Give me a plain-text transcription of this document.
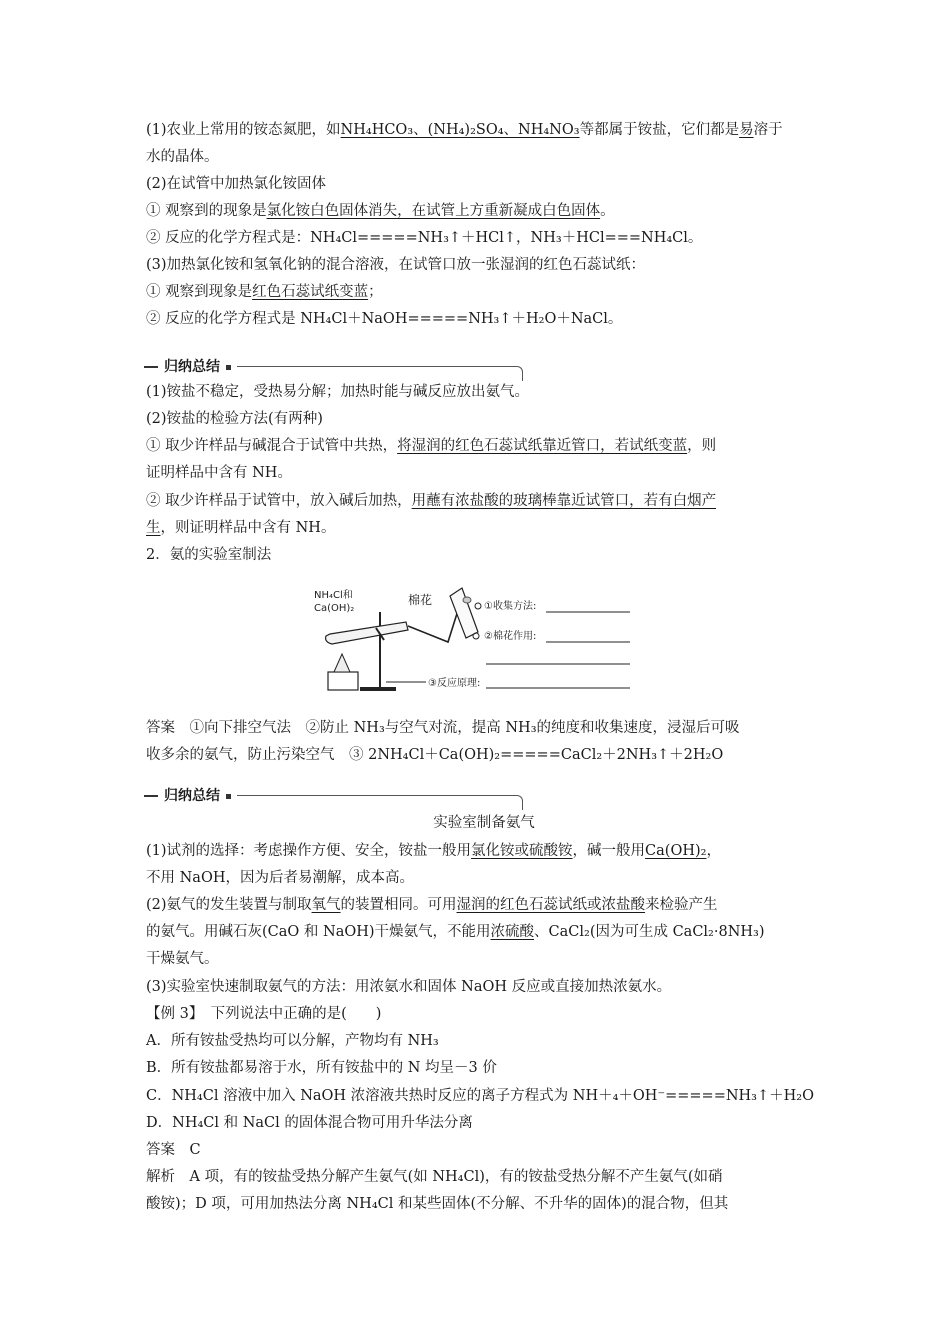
(1)农业上常用的铵态氮肥，如NH₄HCO₃、(NH₄)₂SO₄、NH₄NO₃等都属于铵盐，它们都是易溶于
水的晶体。
(2)在试管中加热氯化铵固体
① 观察到的现象是氯化铵白色固体消失，在试管上方重新凝成白色固体。
② 反应的化学方程式是：NH₄Cl=====NH₃↑＋HCl↑，NH₃＋HCl===NH₄Cl。
(3)加热氯化铵和氢氧化钠的混合溶液，在试管口放一张湿润的红色石蕊试纸：
① 观察到现象是红色石蕊试纸变蓝；
② 反应的化学方程式是 NH₄Cl＋NaOH=====NH₃↑＋H₂O＋NaCl。
归纳总结
(1)铵盐不稳定，受热易分解；加热时能与碱反应放出氨气。
(2)铵盐的检验方法(有两种)
① 取少许样品与碱混合于试管中共热，将湿润的红色石蕊试纸靠近管口，若试纸变蓝，则
证明样品中含有 NH。
② 取少许样品于试管中，放入碱后加热，用蘸有浓盐酸的玻璃棒靠近试管口，若有白烟产
生，则证明样品中含有 NH。
2．氨的实验室制法
NH₄Cl和
Ca(OH)₂
棉花	①收集方法:
②棉花作用:
③反应原理:
答案　①向下排空气法　②防止 NH₃与空气对流，提高 NH₃的纯度和收集速度，浸湿后可吸
收多余的氨气，防止污染空气　③ 2NH₄Cl＋Ca(OH)₂=====CaCl₂＋2NH₃↑＋2H₂O
归纳总结
实验室制备氨气
(1)试剂的选择：考虑操作方便、安全，铵盐一般用氯化铵或硫酸铵，碱一般用Ca(OH)₂，
不用 NaOH，因为后者易潮解，成本高。
(2)氨气的发生装置与制取氧气的装置相同。可用湿润的红色石蕊试纸或浓盐酸来检验产生
的氨气。用碱石灰(CaO 和 NaOH)干燥氨气，不能用浓硫酸、CaCl₂(因为可生成 CaCl₂·8NH₃)
干燥氨气。
(3)实验室快速制取氨气的方法：用浓氨水和固体 NaOH 反应或直接加热浓氨水。
【例 3】　下列说法中正确的是(　　)
A．所有铵盐受热均可以分解，产物均有 NH₃
B．所有铵盐都易溶于水，所有铵盐中的 N 均呈－3 价
C．NH₄Cl 溶液中加入 NaOH 浓溶液共热时反应的离子方程式为 NH＋₄＋OH⁻=====NH₃↑＋H₂O
D．NH₄Cl 和 NaCl 的固体混合物可用升华法分离
答案　C
解析　A 项，有的铵盐受热分解产生氨气(如 NH₄Cl)，有的铵盐受热分解不产生氨气(如硝
酸铵)；D 项，可用加热法分离 NH₄Cl 和某些固体(不分解、不升华的固体)的混合物，但其
